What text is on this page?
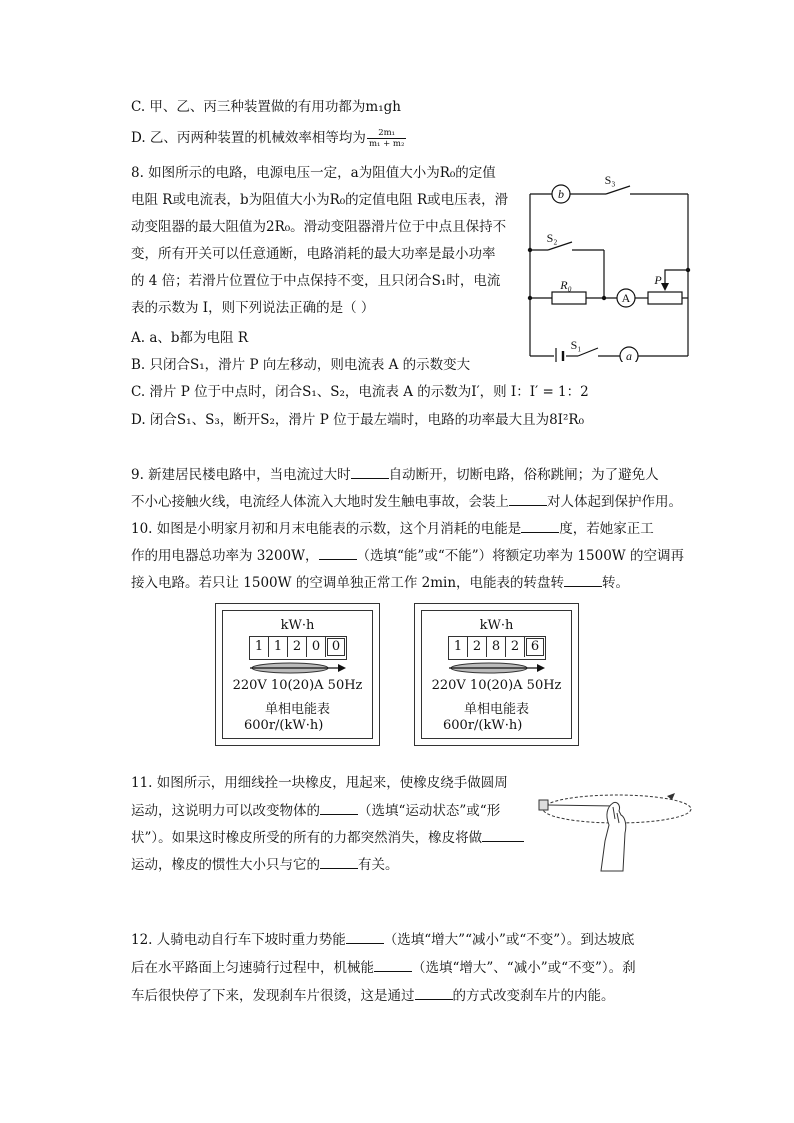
C. 甲、乙、丙三种装置做的有用功都为m₁gh
D. 乙、丙两种装置的机械效率相等均为 $\frac{\text{2m₁}}{\text{m₁ + m₂}}$
8. 如图所示的电路，电源电压一定，a为阻值大小为R₀的定值
电阻 R或电流表，b为阻值大小为R₀的定值电阻 R或电压表，滑
动变阻器的最大阻值为2R₀。滑动变阻器滑片位于中点且保持不
变，所有开关可以任意通断，电路消耗的最大功率是最小功率
的 4 倍；若滑片位置位于中点保持不变，且只闭合S₁时，电流
表的示数为 I，则下列说法正确的是（ ）
A. a、b都为电阻 R
B. 只闭合S₁，滑片 P 向左移动，则电流表 A 的示数变大
C. 滑片 P 位于中点时，闭合S₁、S₂，电流表 A 的示数为I′，则 I：I′ = 1：2
D. 闭合S₁、S₃，断开S₂，滑片 P 位于最左端时，电路的功率最大且为8I²R₀
b
A
a
S₃
S₂
R₀	P
S₁
9. 新建居民楼电路中，当电流过大时	自动断开，切断电路，俗称跳闸；为了避免人
不小心接触火线，电流经人体流入大地时发生触电事故，会装上	对人体起到保护作用。
10. 如图是小明家月初和月末电能表的示数，这个月消耗的电能是	度，若她家正工
作的用电器总功率为 3200W，	（选填“能”或“不能”）将额定功率为 1500W 的空调再
接入电路。若只让 1500W 的空调单独正常工作 2min，电能表的转盘转	转。
kW·h
1 1 2 0 0
220V 10(20)A 50Hz
单相电能表
600r/(kW·h)
kW·h
1 2 8 2 6
220V 10(20)A 50Hz
单相电能表
600r/(kW·h)
11. 如图所示，用细线拴一块橡皮，甩起来，使橡皮绕手做圆周
运动，这说明力可以改变物体的	（选填“运动状态”或“形
状”）。如果这时橡皮所受的所有的力都突然消失，橡皮将做
运动，橡皮的惯性大小只与它的	有关。
12. 人骑电动自行车下坡时重力势能	（选填“增大”“减小”或“不变”）。到达坡底
后在水平路面上匀速骑行过程中，机械能	（选填“增大”、“减小”或“不变”）。刹
车后很快停了下来，发现刹车片很烫，这是通过	的方式改变刹车片的内能。
